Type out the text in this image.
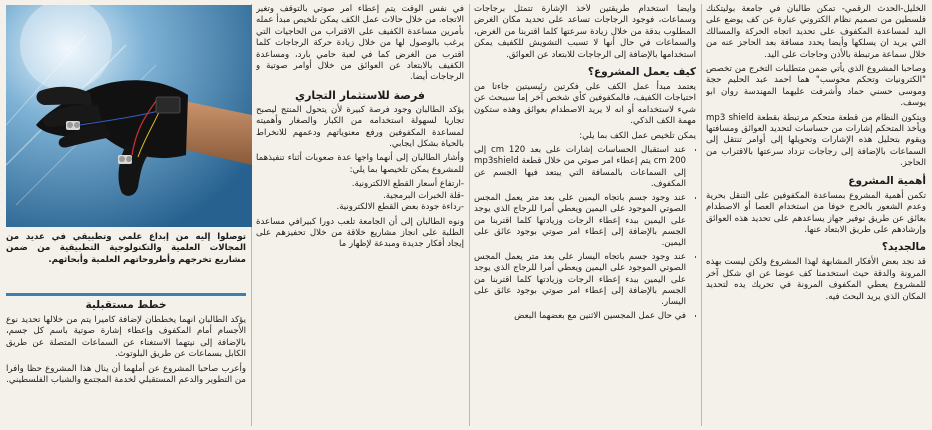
الخليل-الحدث الرقمي- تمكن طالبان في جامعة بوليتكنك فلسطين من تصميم نظام الكتروني عبارة عن كف يوضع على اليد لمساعدة المكفوف على تحديد اتجاه الحركة والمسالك التي يريد ان يسلكها وأيضا يحدد مسافة بعد الحاجز عنه من خلال سماعة مرتبطة بالأذن وحاجات على اليد.

وصاحبا المشروع الذي يأتي ضمن متطلبات التخرج من تخصص "الكترونيات وتحكم محوسب" هما احمد عبد الحليم حجة وموسى حسني حماد وأشرفت عليهما المهندسة روان ابو يوسف.

ويتكون النظام من قطعة متحكم مرتبطة بقطعة mp3 shield ويأخذ المتحكم إشارات من حساسات لتحديد العوائق ومسافتها ويقوم بتحليل هذه الإشارات وتحويلها إلى أوامر تنتقل إلى السماعات بالإضافة إلى رجاجات تزداد سرعتها بالاقتراب من الحاجز.

أهمية المشروع

تكمن أهمية المشروع بمساعدة المكفوفين على التنقل بحرية وعدم الشعور بالحرج خوفا من استخدام العصا أو الاصطدام بعائق عن طريق توفير جهاز يساعدهم على تحديد هذه العوائق وإرشادهم على طريق الابتعاد عنها.

مالجديد؟

قد نجد بعض الأفكار المشابهة لهذا المشروع ولكن ليست بهذه المرونة والدقة حيث استخدمنا كف عوضا عن اي شكل آخر للمشروع يعطي المكفوف المرونة في تحريك يده لتحديد المكان الذي يريد البحث فيه.

وأيضاً استخدام طريقتين لأخذ الإشارة تتمثل برجاجات وسماعات، فوجود الرجاجات تساعد على تحديد مكان الغرض المطلوب بدقة من خلال زيادة سرعتها كلما اقتربنا من الغرض، والسماعات في حال أنها لا تسبب التشويش للكفيف يمكن استخدامها بالإضافة إلى الرجاجات للابتعاد عن العوائق.

كيف يعمل المشروع؟

يعتمد مبدأ عمل الكف على فكرتين رئيسيتين جاءتا من احتياجات الكفيف، فالمكفوفين كأي شخص آخر إما سيبحث عن شيء لاستخدامه أو انه لا يريد الاصطدام بعوائق وهذه ستكون مهمة الكف الذكي.

يمكن تلخيص عمل الكف بما يلي:

• عند استقبال الحساسات إشارات على بعد 120 cm إلى 200 cm يتم إعطاء امر صوتي من خلال قطعة mp3shield إلى السماعات بالمسافة التي يبتعد فيها الجسم عن المكفوف.
• عند وجود جسم باتجاه اليمين على بعد متر يعمل المجس الصوتي الموجود على اليمين ويعطي أمرا للرجاج الذي يوجد على اليمين ببدء إعطاء الرجات وزيادتها كلما اقتربنا من الجسم بالإضافة إلى إعطاء امر صوتي بوجود عائق على اليمين.
• عند وجود جسم باتجاه اليسار على بعد متر يعمل المجس الصوتي الموجود على اليمين ويعطي أمرا للرجاج الذي يوجد على اليمين ببدء إعطاء الرجات وزيادتها كلما اقتربنا من الجسم بالإضافة إلى إعطاء امر صوتي بوجود عائق على اليسار.
• في حال عمل المجسين الاثنين مع بعضهما البعض

في نفس الوقت يتم إعطاء أمر صوتي بالتوقف وتغير الاتجاه. من خلال حالات عمل الكف يمكن تلخيص مبدأ عمله بأمرين مساعدة الكفيف على الاقتراب من الحاجيات التي يرغب بالوصول لها من خلال زيادة حركة الرجاجات كلما اقترب من الغرض كما في لعبة حامي بارد، ومساعدة الكفيف بالابتعاد عن العوائق من خلال أوامر صوتية و الرجاجات أيضا.

فرصة للاستثمار التجاري

يؤكد الطالبان وجود فرصة كبيرة لأن يتحول المنتج ليصبح تجاريا لسهولة استخدامه من الكبار والصغار وأهميته لمساعدة المكفوفين ورفع معنوياتهم ودعمهم للانخراط بالحياة بشكل ايجابي.

وأشار الطالبان إلى أنهما واجها عدة صعوبات أثناء تنفيذهما للمشروع يمكن تلخيصها بما يلي:

-ارتفاع أسعار القطع الالكترونية.

-قلة الخبرات البرمجية.

-رداءة جودة بعض القطع الالكترونية.

ونوه الطالبان إلى أن الجامعة تلعب دورا كبيرافي مساعدة الطلبة على انجاز مشاريع خلاقة من خلال تحفيزهم على إيجاد أفكار جديدة ومبدعة لإظهار ما

توصلوا إليه من إبداع علمي وتطبيقي في عديد من المجالات العلمية والتكنولوجية التطبيقية من ضمن مشاريع تخرجهم وأطروحاتهم العلمية وأبحاثهم.
خطط مستقبلية

يؤكد الطالبان انهما يخططان لإضافة كاميرا يتم من خلالها تحديد نوع الأجسام أمام المكفوف وإعطاء إشارة صوتية باسم كل جسم، بالإضافة إلى نيتهما الاستغناء عن السماعات المتصلة عن طريق الكابل بسماعات عن طريق البلوتوث.

وأعرب صاحبا المشروع عن أملهما أن ينال هذا المشروع حظا وافرا من التطوير والدعم المستقبلي لخدمة المجتمع والشباب الفلسطيني.
